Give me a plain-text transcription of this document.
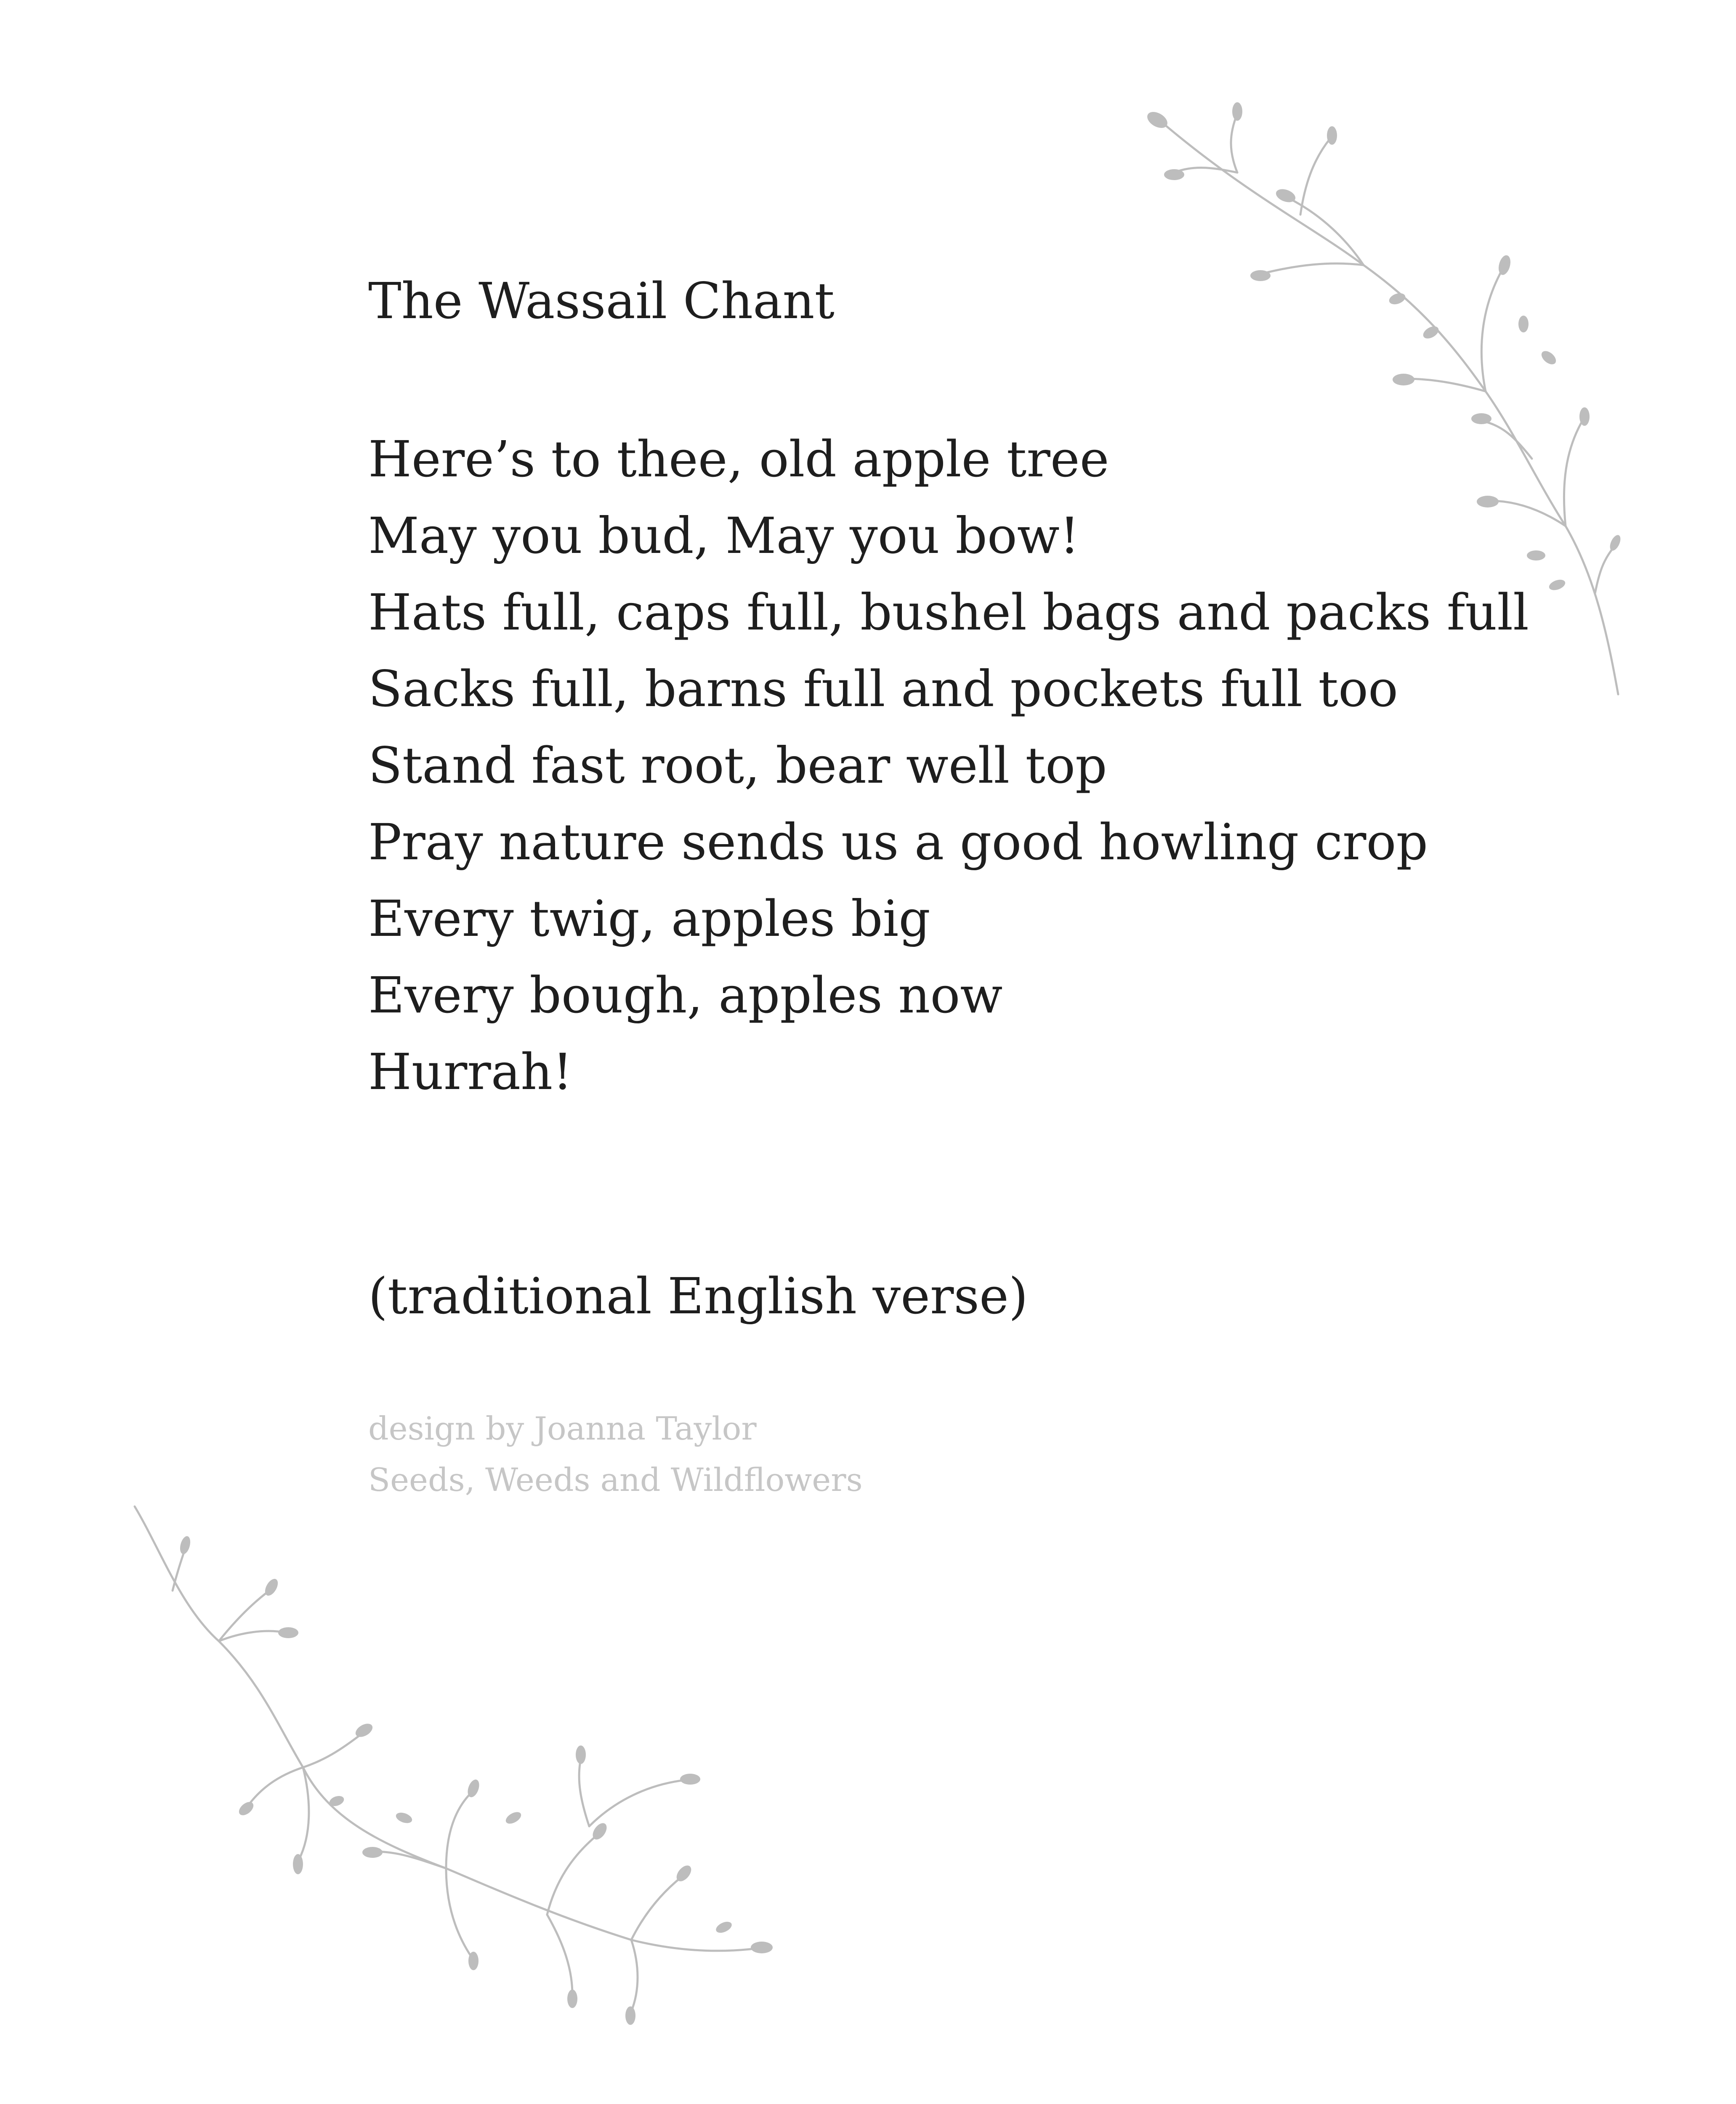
The Wassail Chant
Here’s to thee, old apple tree
May you bud, May you bow!
Hats full, caps full, bushel bags and packs full
Sacks full, barns full and pockets full too
Stand fast root, bear well top
Pray nature sends us a good howling crop
Every twig, apples big
Every bough, apples now
Hurrah!
(traditional English verse)
design by Joanna Taylor
Seeds, Weeds and Wildflowers
